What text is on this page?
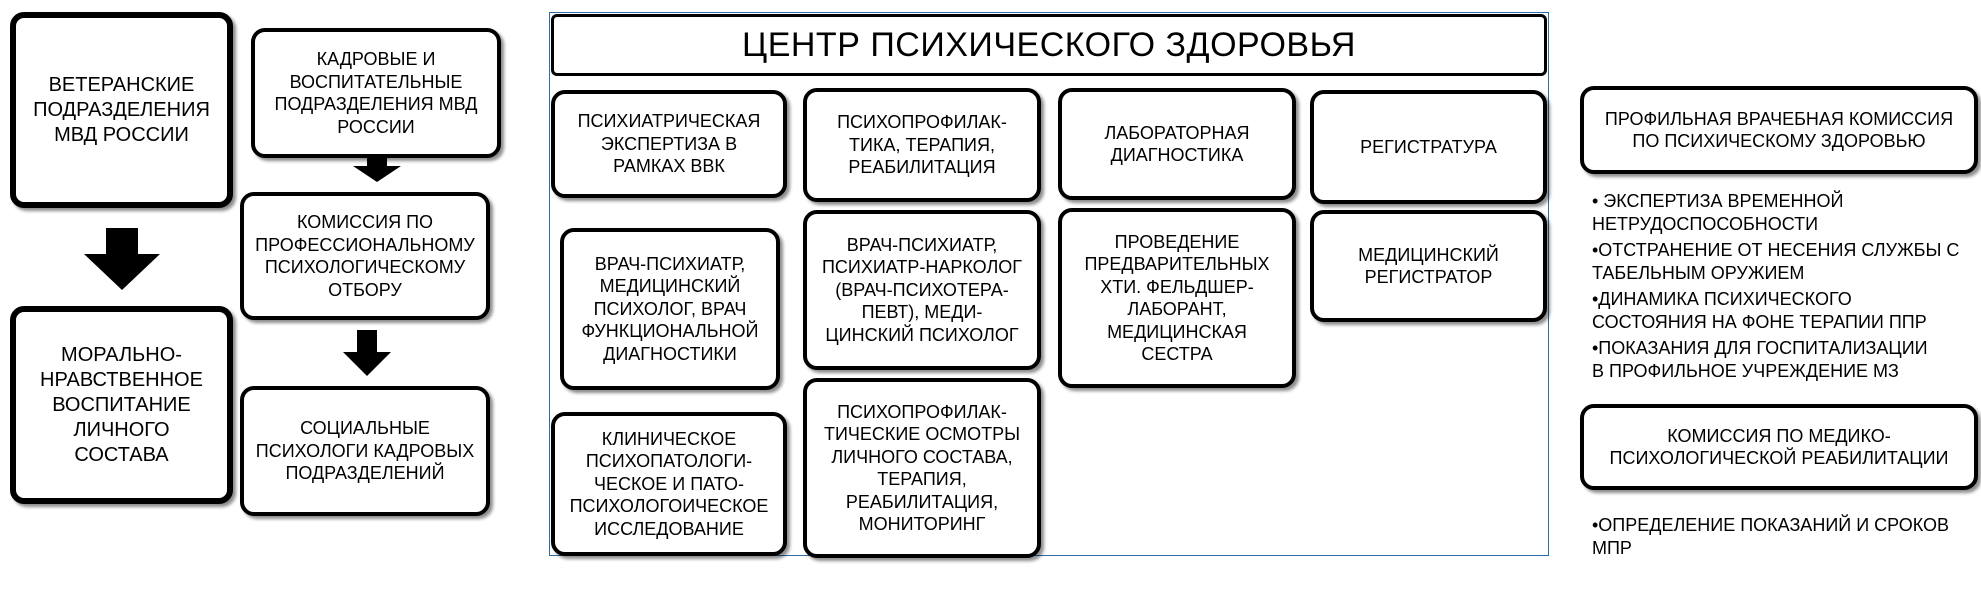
ВЕТЕРАНСКИЕ
ПОДРАЗДЕЛЕНИЯ
МВД РОССИИ
МОРАЛЬНО-
НРАВСТВЕННОЕ
ВОСПИТАНИЕ
ЛИЧНОГО
СОСТАВА
КАДРОВЫЕ И
ВОСПИТАТЕЛЬНЫЕ
ПОДРАЗДЕЛЕНИЯ МВД
РОССИИ
КОМИССИЯ ПО
ПРОФЕССИОНАЛЬНОМУ
ПСИХОЛОГИЧЕСКОМУ
ОТБОРУ
СОЦИАЛЬНЫЕ
ПСИХОЛОГИ КАДРОВЫХ
ПОДРАЗДЕЛЕНИЙ
ЦЕНТР ПСИХИЧЕСКОГО ЗДОРОВЬЯ
ПСИХИАТРИЧЕСКАЯ
ЭКСПЕРТИЗА В
РАМКАХ ВВК
ВРАЧ-ПСИХИАТР,
МЕДИЦИНСКИЙ
ПСИХОЛОГ, ВРАЧ
ФУНКЦИОНАЛЬНОЙ
ДИАГНОСТИКИ
КЛИНИЧЕСКОЕ
ПСИХОПАТОЛОГИ-
ЧЕСКОЕ И ПАТО-
ПСИХОЛОГОИЧЕСКОЕ
ИССЛЕДОВАНИЕ
ПСИХОПРОФИЛАК-
ТИКА, ТЕРАПИЯ,
РЕАБИЛИТАЦИЯ
ВРАЧ-ПСИХИАТР,
ПСИХИАТР-НАРКОЛОГ
(ВРАЧ-ПСИХОТЕРА-
ПЕВТ), МЕДИ-
ЦИНСКИЙ ПСИХОЛОГ
ПСИХОПРОФИЛАК-
ТИЧЕСКИЕ ОСМОТРЫ
ЛИЧНОГО СОСТАВА,
ТЕРАПИЯ,
РЕАБИЛИТАЦИЯ,
МОНИТОРИНГ
ЛАБОРАТОРНАЯ
ДИАГНОСТИКА
ПРОВЕДЕНИЕ
ПРЕДВАРИТЕЛЬНЫХ
ХТИ. ФЕЛЬДШЕР-
ЛАБОРАНТ,
МЕДИЦИНСКАЯ
СЕСТРА
РЕГИСТРАТУРА
МЕДИЦИНСКИЙ
РЕГИСТРАТОР
ПРОФИЛЬНАЯ ВРАЧЕБНАЯ КОМИССИЯ
ПО ПСИХИЧЕСКОМУ ЗДОРОВЬЮ
• ЭКСПЕРТИЗА ВРЕМЕННОЙ
НЕТРУДОСПОСОБНОСТИ
•ОТСТРАНЕНИЕ ОТ НЕСЕНИЯ СЛУЖБЫ С
ТАБЕЛЬНЫМ ОРУЖИЕМ
•ДИНАМИКА ПСИХИЧЕСКОГО
СОСТОЯНИЯ НА ФОНЕ ТЕРАПИИ ППР
•ПОКАЗАНИЯ ДЛЯ ГОСПИТАЛИЗАЦИИ
В ПРОФИЛЬНОЕ УЧРЕЖДЕНИЕ МЗ
КОМИССИЯ ПО МЕДИКО-
ПСИХОЛОГИЧЕСКОЙ РЕАБИЛИТАЦИИ
•ОПРЕДЕЛЕНИЕ ПОКАЗАНИЙ И СРОКОВ
МПР
